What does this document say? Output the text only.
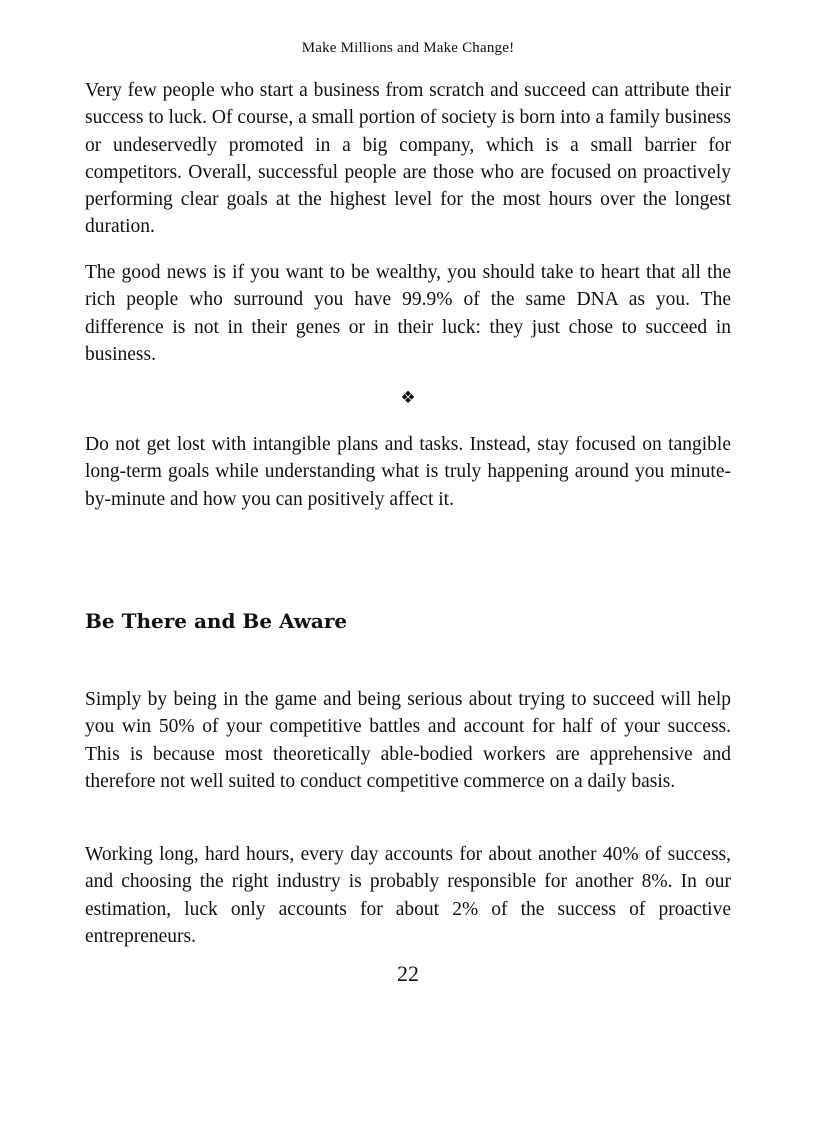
Make Millions and Make Change!

Very few people who start a business from scratch and succeed can attribute their success to luck. Of course, a small portion of society is born into a family business or undeservedly promoted in a big company, which is a small barrier for competitors. Overall, successful people are those who are focused on proactively performing clear goals at the highest level for the most hours over the longest duration.

The good news is if you want to be wealthy, you should take to heart that all the rich people who surround you have 99.9% of the same DNA as you. The difference is not in their genes or in their luck: they just chose to succeed in business.

❖

Do not get lost with intangible plans and tasks. Instead, stay focused on tangible long-term goals while understanding what is truly happening around you minute-by-minute and how you can positively affect it.

Be There and Be Aware

Simply by being in the game and being serious about trying to succeed will help you win 50% of your competitive battles and account for half of your success. This is because most theoretically able-bodied workers are apprehensive and therefore not well suited to conduct competitive commerce on a daily basis.

Working long, hard hours, every day accounts for about another 40% of success, and choosing the right industry is probably responsible for another 8%. In our estimation, luck only accounts for about 2% of the success of proactive entrepreneurs.

22
